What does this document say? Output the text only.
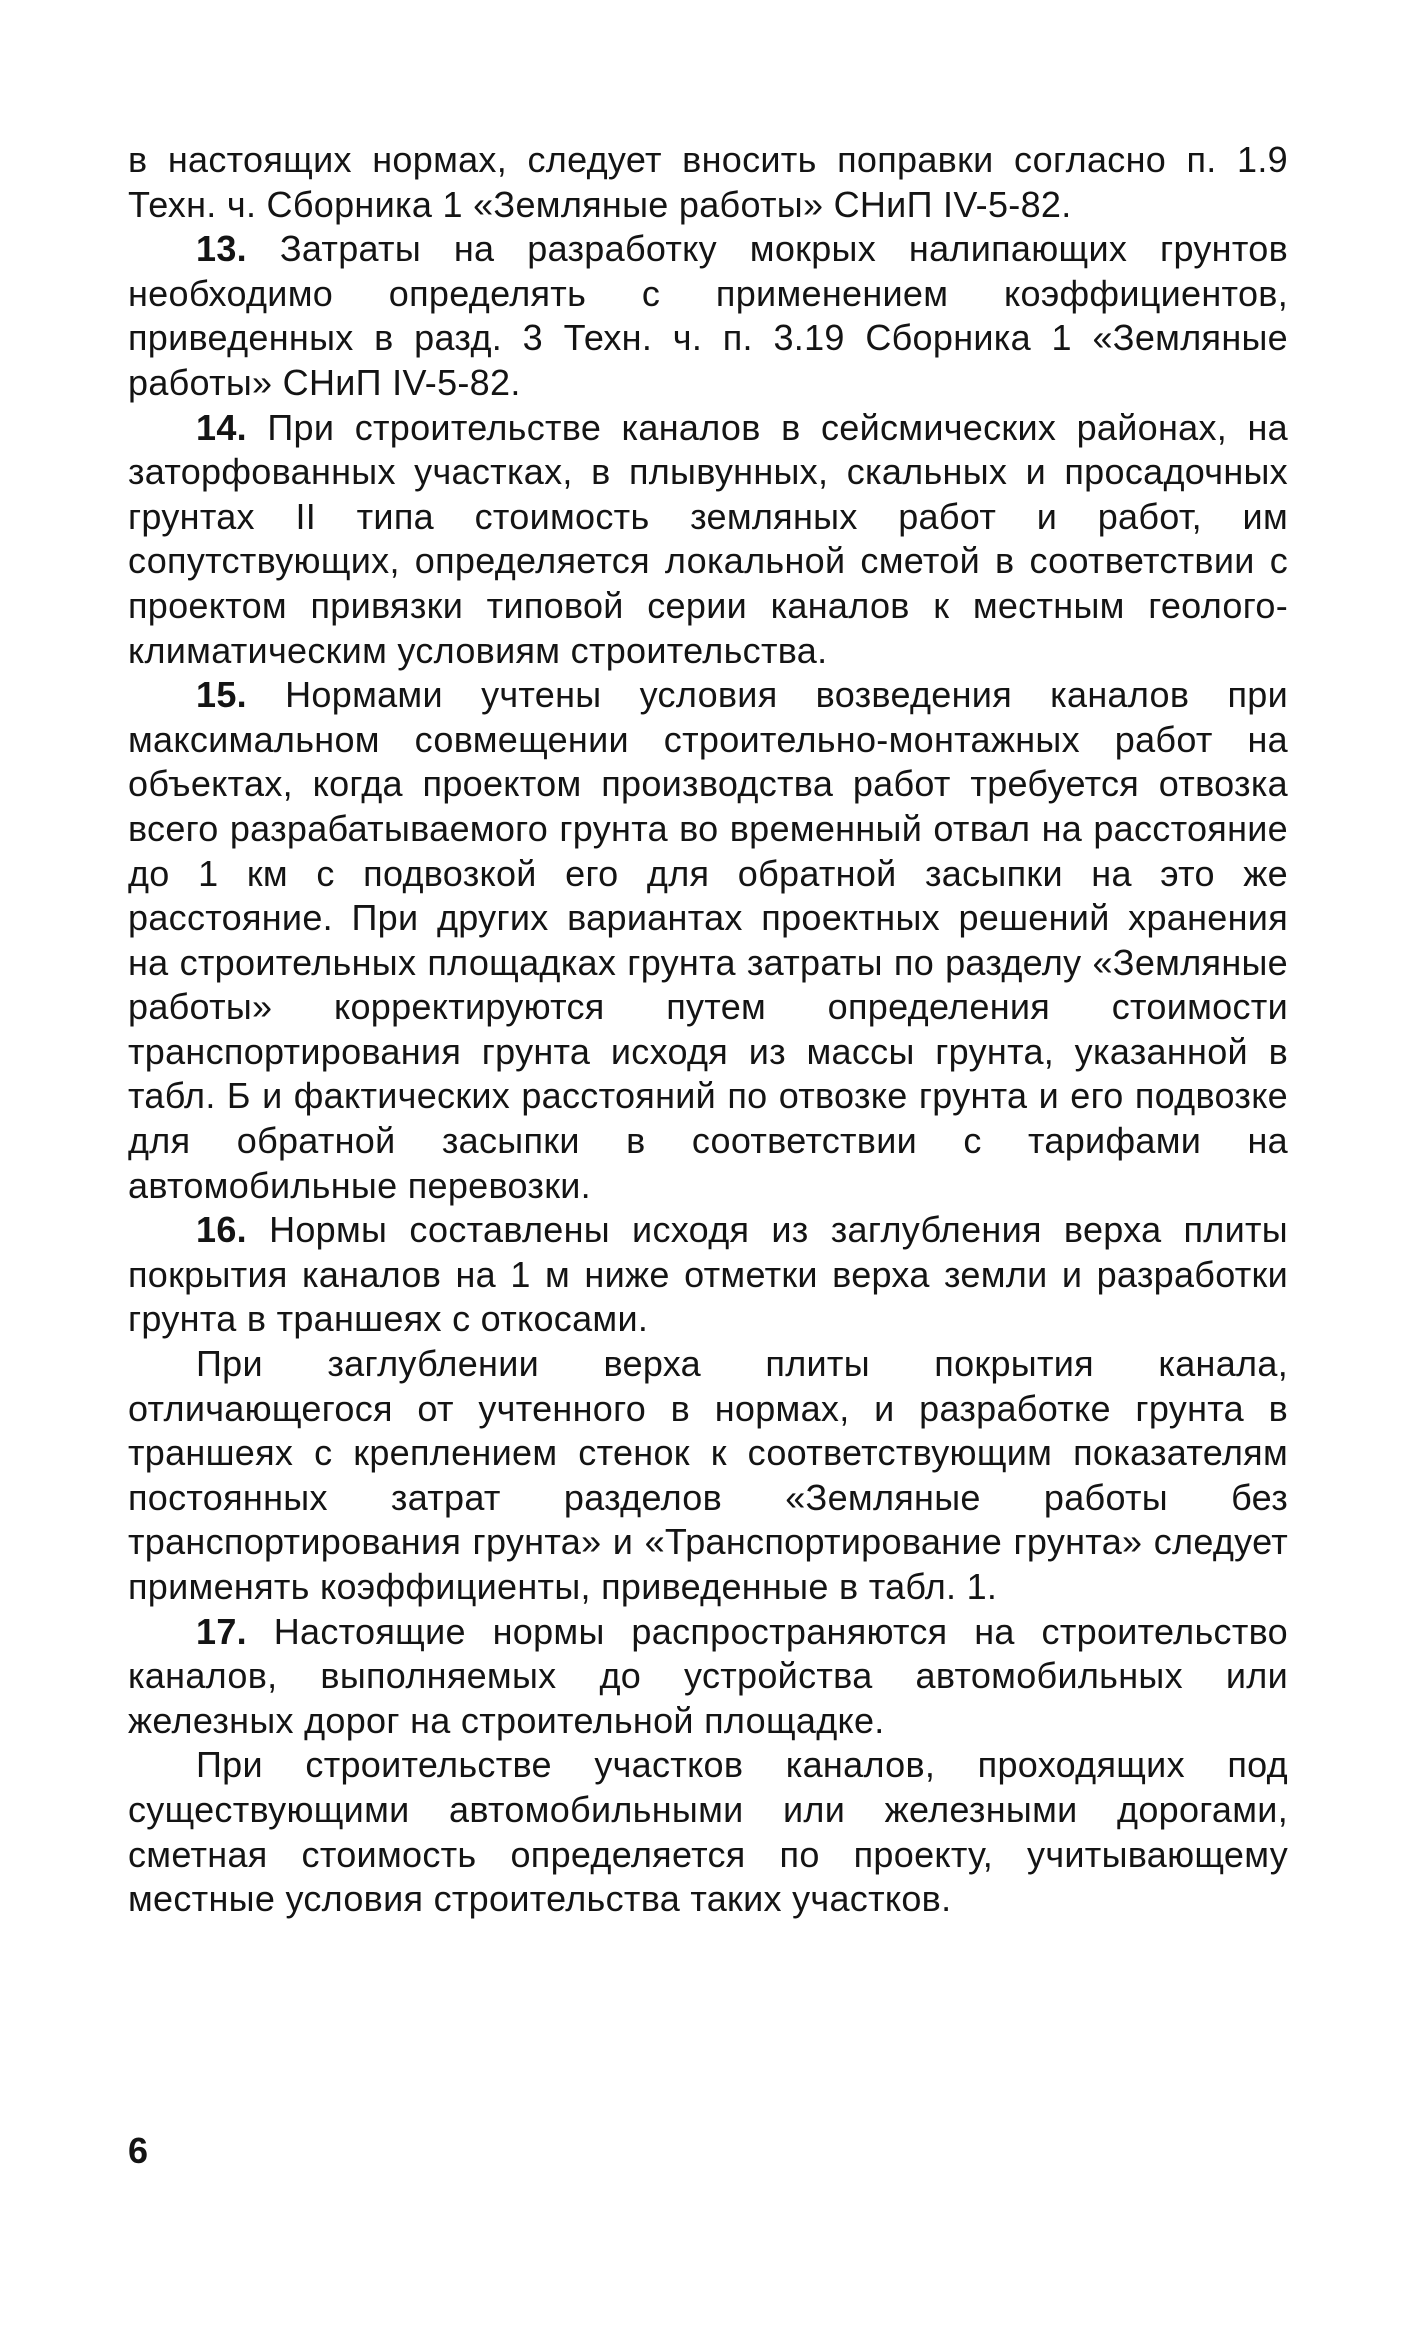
в настоящих нормах, следует вносить поправки согласно п. 1.9 Техн. ч. Сборника 1 «Земляные работы» СНиП IV-5-82.

13. Затраты на разработку мокрых налипающих грунтов необходимо определять с применением коэффициентов, приведенных в разд. 3 Техн. ч. п. 3.19 Сборника 1 «Земляные работы» СНиП IV-5-82.

14. При строительстве каналов в сейсмических районах, на заторфованных участках, в плывунных, скальных и просадочных грунтах II типа стоимость земляных работ и работ, им сопутствующих, определяется локальной сметой в соответствии с проектом привязки типовой серии каналов к местным геолого-климатическим условиям строительства.

15. Нормами учтены условия возведения каналов при максимальном совмещении строительно-монтажных работ на объектах, когда проектом производства работ требуется отвозка всего разрабатываемого грунта во временный отвал на расстояние до 1 км с подвозкой его для обратной засыпки на это же расстояние. При других вариантах проектных решений хранения на строительных площадках грунта затраты по разделу «Земляные работы» корректируются путем определения стоимости транспортирования грунта исходя из массы грунта, указанной в табл. Б и фактических расстояний по отвозке грунта и его подвозке для обратной засыпки в соответствии с тарифами на автомобильные перевозки.

16. Нормы составлены исходя из заглубления верха плиты покрытия каналов на 1 м ниже отметки верха земли и разработки грунта в траншеях с откосами.

При заглублении верха плиты покрытия канала, отличающегося от учтенного в нормах, и разработке грунта в траншеях с креплением стенок к соответствующим показателям постоянных затрат разделов «Земляные работы без транспортирования грунта» и «Транспортирование грунта» следует применять коэффициенты, приведенные в табл. 1.

17. Настоящие нормы распространяются на строительство каналов, выполняемых до устройства автомобильных или железных дорог на строительной площадке.

При строительстве участков каналов, проходящих под существующими автомобильными или железными дорогами, сметная стоимость определяется по проекту, учитывающему местные условия строительства таких участков.

6
